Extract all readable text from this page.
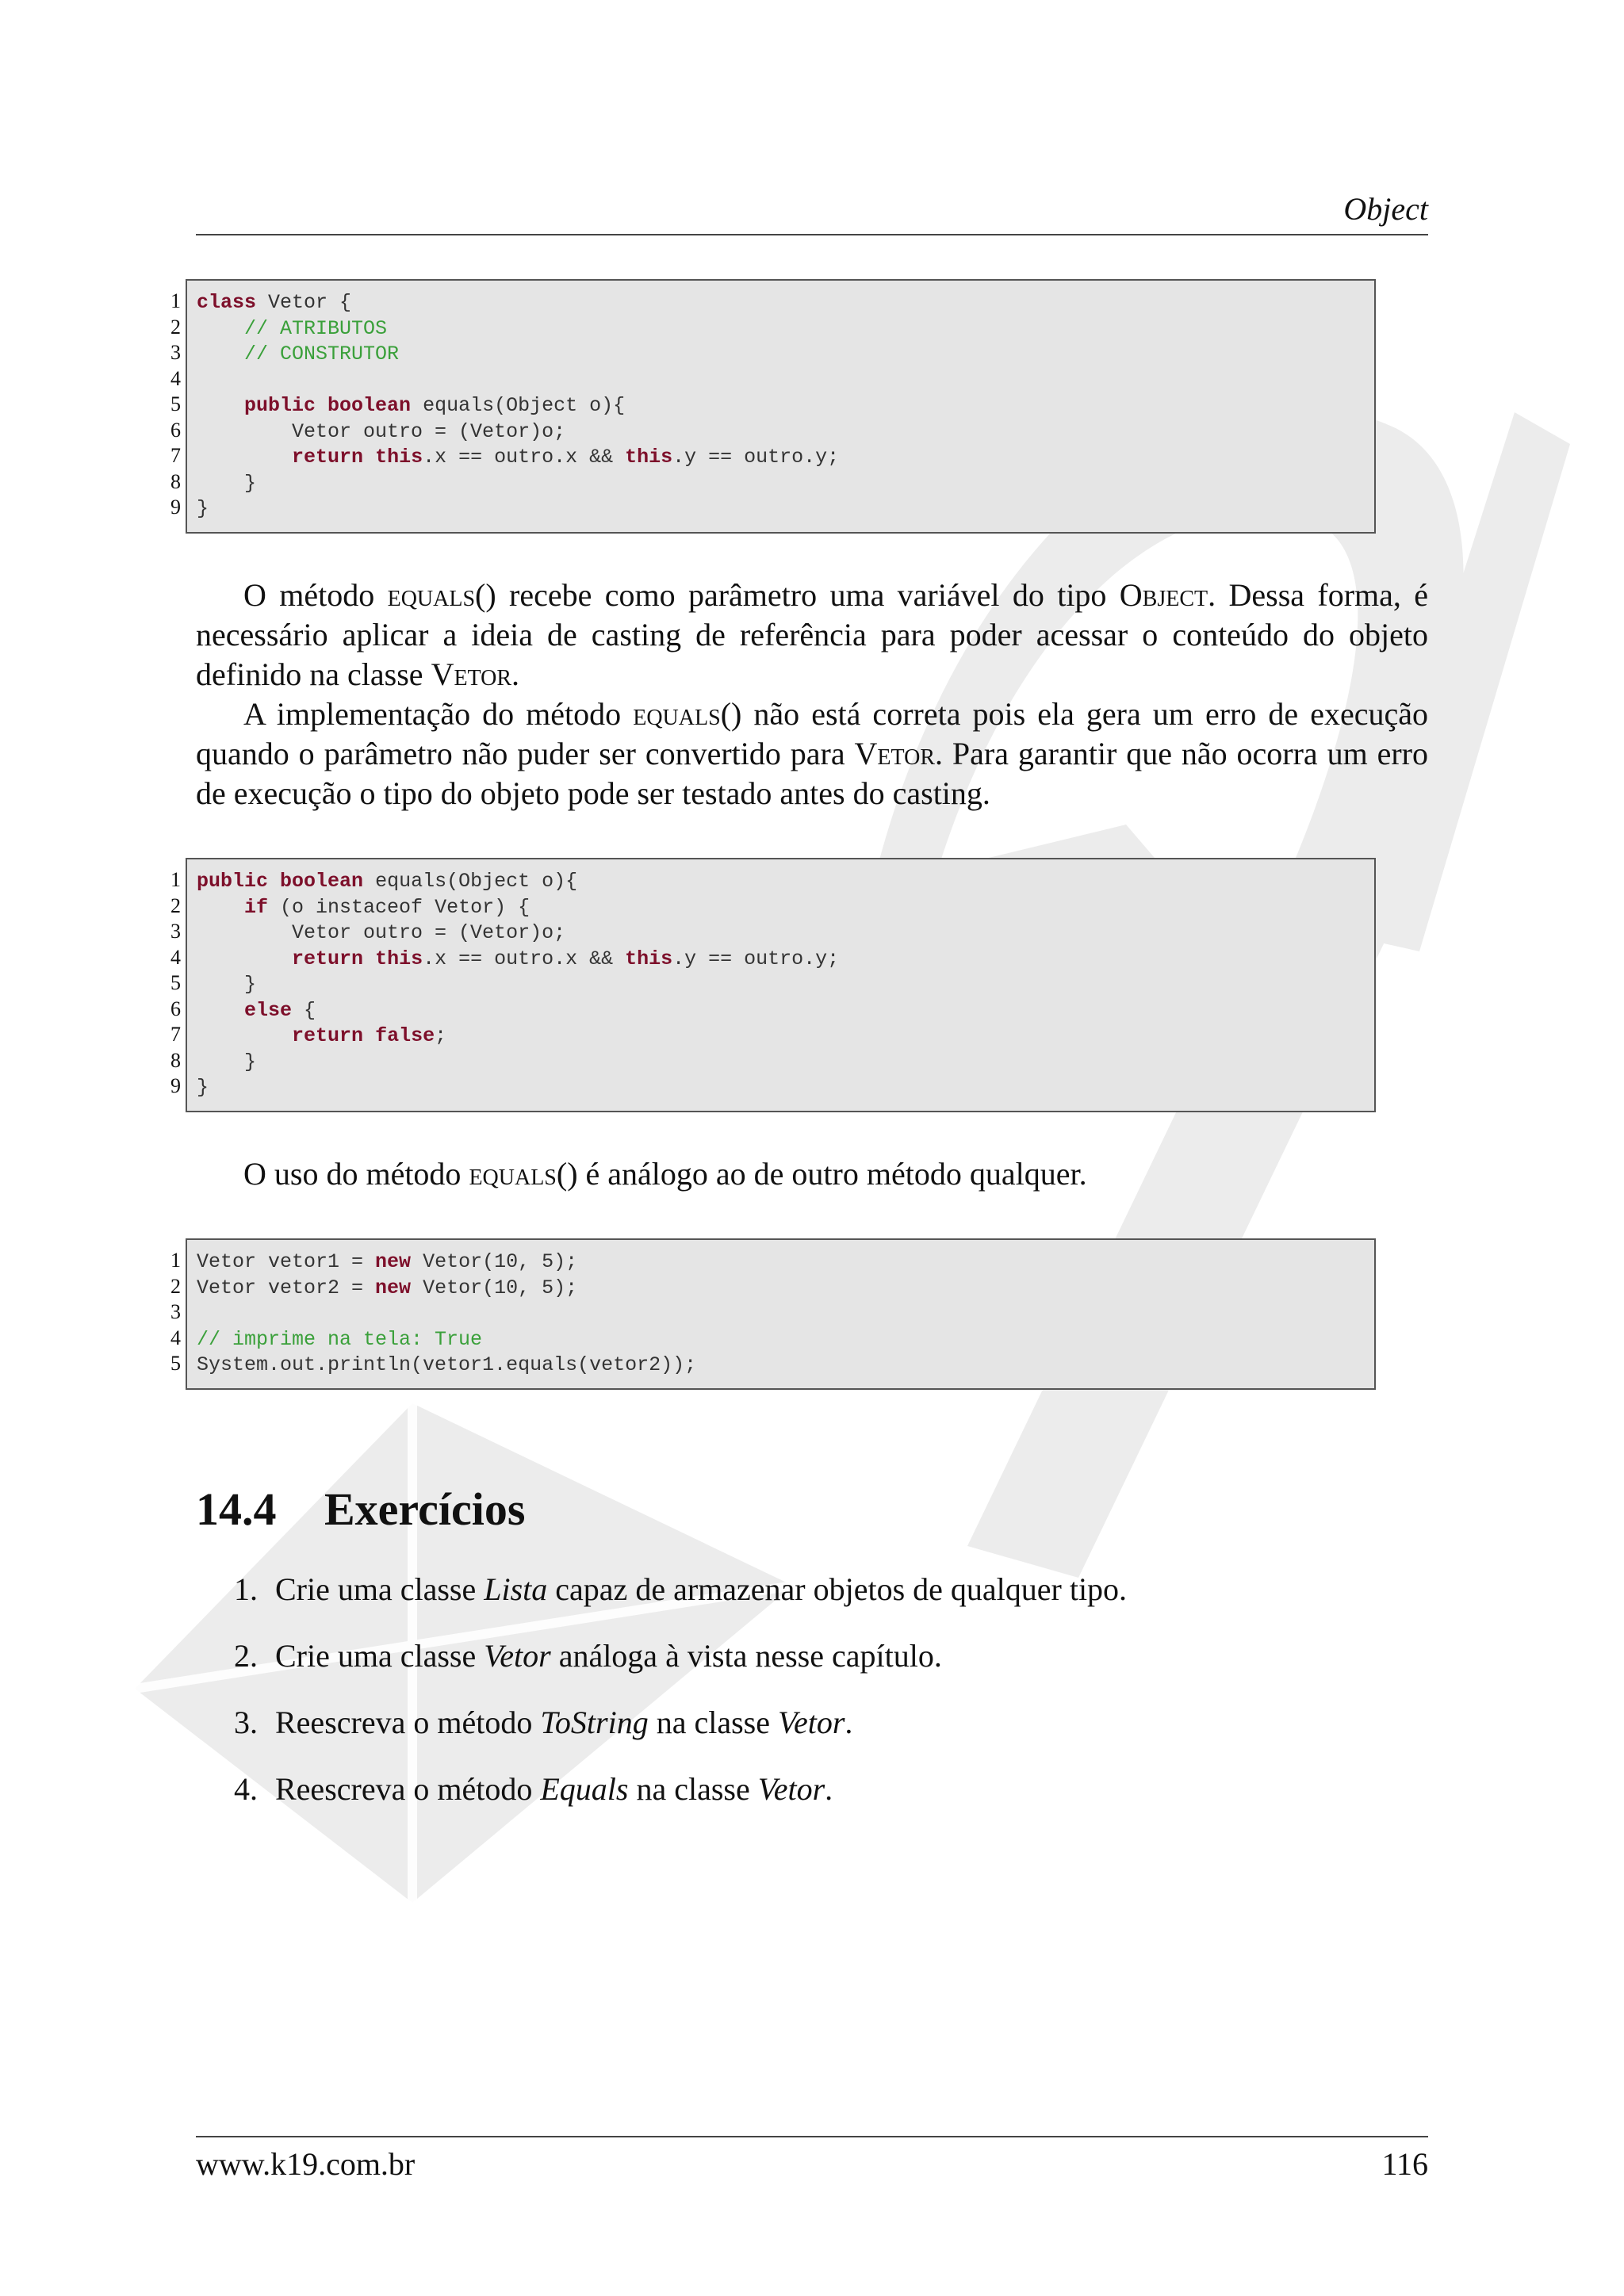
Object
1
2
3
4
5
6
7
8
9
class Vetor {
// ATRIBUTOS
// CONSTRUTOR
public boolean equals(Object o){
Vetor outro = (Vetor)o;
return this.x == outro.x && this.y == outro.y;
}
}

O método equals() recebe como parâmetro uma variável do tipo Object. Dessa forma, é necessário aplicar a ideia de casting de referência para poder acessar o conteúdo do objeto definido na classe Vetor.

A implementação do método equals() não está correta pois ela gera um erro de execução quando o parâmetro não puder ser convertido para Vetor. Para garantir que não ocorra um erro de execução o tipo do objeto pode ser testado antes do casting.

1
2
3
4
5
6
7
8
9
public boolean equals(Object o){
if (o instaceof Vetor) {
Vetor outro = (Vetor)o;
return this.x == outro.x && this.y == outro.y;
}
else {
return false;
}
}

O uso do método equals() é análogo ao de outro método qualquer.

1
2
3
4
5
Vetor vetor1 = new Vetor(10, 5);
Vetor vetor2 = new Vetor(10, 5);
// imprime na tela: True
System.out.println(vetor1.equals(vetor2));
14.4 Exercícios
1. Crie uma classe Lista capaz de armazenar objetos de qualquer tipo.
2. Crie uma classe Vetor análoga à vista nesse capítulo.
3. Reescreva o método ToString na classe Vetor.
4. Reescreva o método Equals na classe Vetor.
www.k19.com.br	116
